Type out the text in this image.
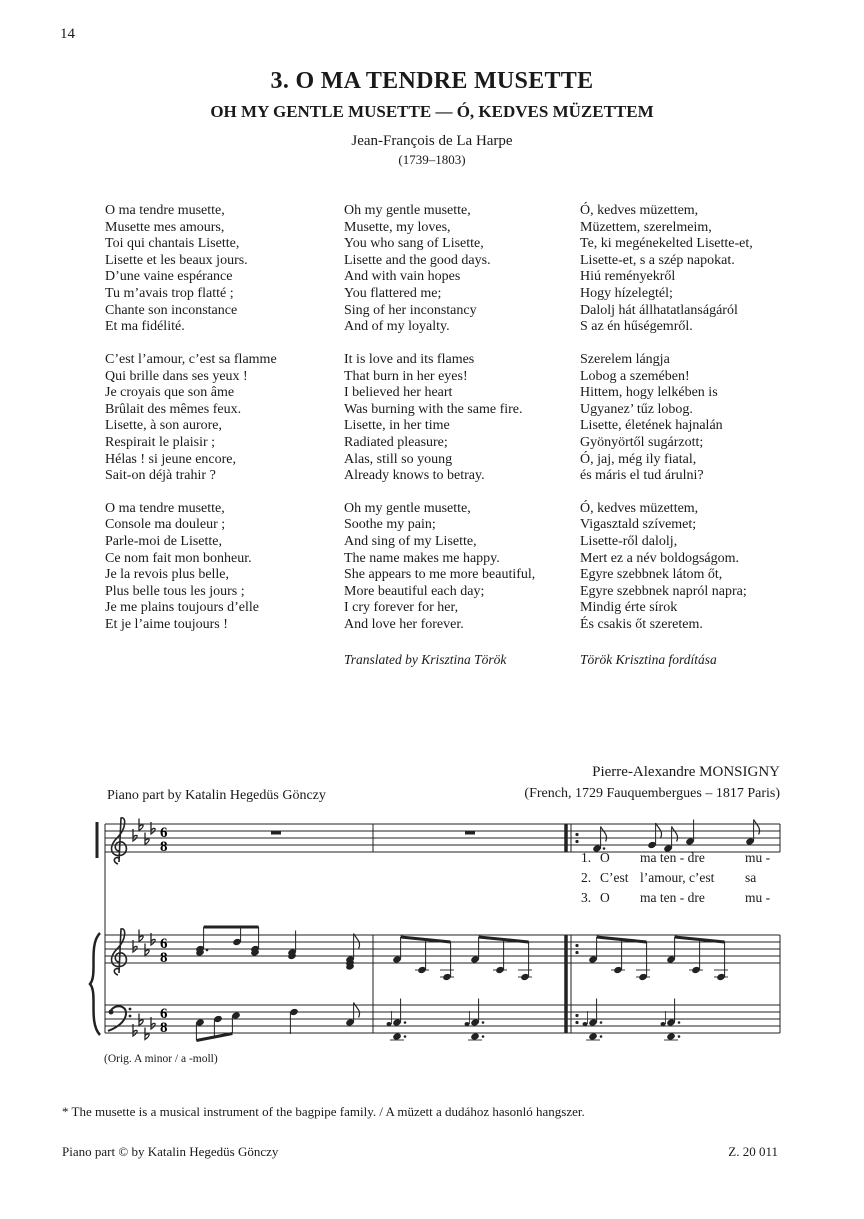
14
3. O MA TENDRE MUSETTE
OH MY GENTLE MUSETTE — Ó, KEDVES MÜZETTEM
Jean-François de La Harpe
(1739–1803)
O ma tendre musette,
Musette mes amours,
Toi qui chantais Lisette,
Lisette et les beaux jours.
D’une vaine espérance
Tu m’avais trop flatté ;
Chante son inconstance
Et ma fidélité.
C’est l’amour, c’est sa flamme
Qui brille dans ses yeux !
Je croyais que son âme
Brûlait des mêmes feux.
Lisette, à son aurore,
Respirait le plaisir ;
Hélas ! si jeune encore,
Sait-on déjà trahir ?
O ma tendre musette,
Console ma douleur ;
Parle-moi de Lisette,
Ce nom fait mon bonheur.
Je la revois plus belle,
Plus belle tous les jours ;
Je me plains toujours d’elle
Et je l’aime toujours !
Oh my gentle musette,
Musette, my loves,
You who sang of Lisette,
Lisette and the good days.
And with vain hopes
You flattered me;
Sing of her inconstancy
And of my loyalty.
It is love and its flames
That burn in her eyes!
I believed her heart
Was burning with the same fire.
Lisette, in her time
Radiated pleasure;
Alas, still so young
Already knows to betray.
Oh my gentle musette,
Soothe my pain;
And sing of my Lisette,
The name makes me happy.
She appears to me more beautiful,
More beautiful each day;
I cry forever for her,
And love her forever.
Ó, kedves müzettem,
Müzettem, szerelmeim,
Te, ki megénekelted Lisette-et,
Lisette-et, s a szép napokat.
Hiú reményekről
Hogy hízelegtél;
Dalolj hát állhatatlanságáról
S az én hűségemről.
Szerelem lángja
Lobog a szemében!
Hittem, hogy lelkében is
Ugyanez’ tűz lobog.
Lisette, életének hajnalán
Gyönyörtől sugárzott;
Ó, jaj, még ily fiatal,
és máris el tud árulni?
Ó, kedves müzettem,
Vigasztald szívemet;
Lisette-ről dalolj,
Mert ez a név boldogságom.
Egyre szebbnek látom őt,
Egyre szebbnek napról napra;
Mindig érte sírok
És csakis őt szeretem.
Translated by Krisztina Török	Török Krisztina fordítása
Pierre-Alexandre MONSIGNY
(French, 1729 Fauquembergues – 1817 Paris)
Piano part by Katalin Hegedüs Gönczy
6
8
6
8
6
8
1. O ma ten - dre	mu -
2. C’est l’amour, c’est sa
3. O ma ten - dre	mu -
(Orig. A minor / a -moll)
* The musette is a musical instrument of the bagpipe family. / A müzett a dudához hasonló hangszer.
Piano part © by Katalin Hegedüs Gönczy	Z. 20 011
